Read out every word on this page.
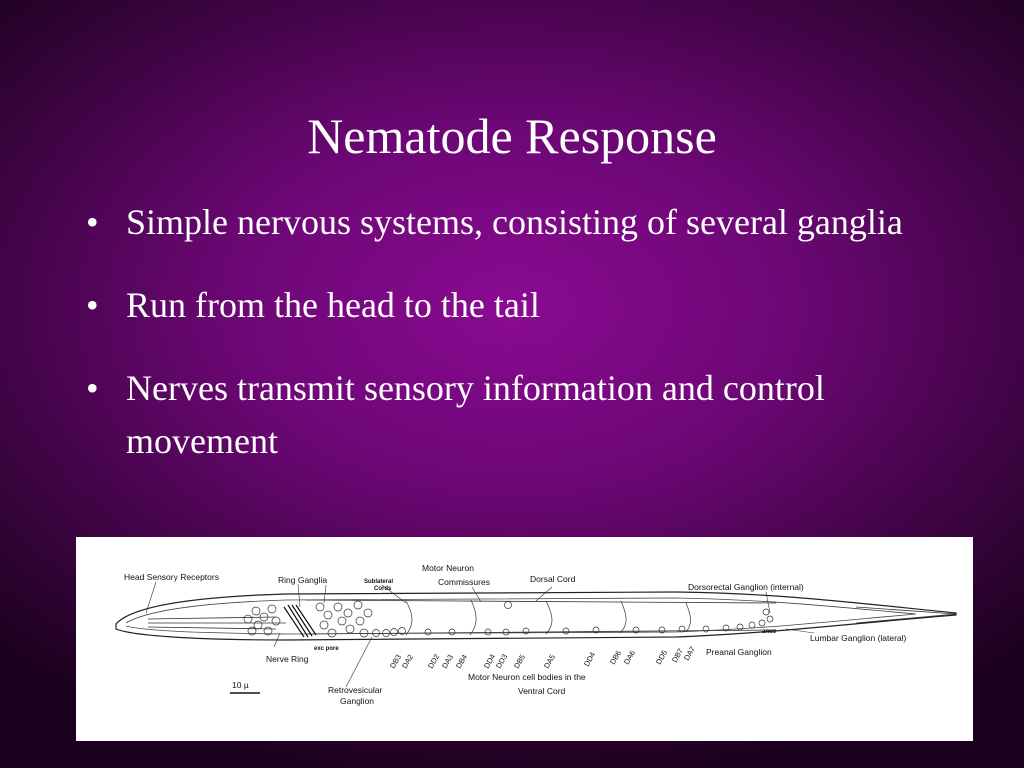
Nematode Response
• Simple nervous systems, consisting of several ganglia
• Run from the head to the tail
• Nerves transmit sensory information and control movement
Head Sensory Receptors	Ring Ganglia	Sublateral
Cords
Motor Neuron
Commissures	Dorsal Cord
Dorsorectal Ganglion (internal)
anus
Lumbar Ganglion (lateral)
Preanal Ganglion
Nerve Ring
exc pore
Retrovesicular
Ganglion
Motor Neuron cell bodies in the
Ventral Cord
10 µ
DB3
DA2 DD2
DA3
DB4 DD4
DD3 DB5 DA5	DD4 DB6
DA6 DD5 DB7
DA7
